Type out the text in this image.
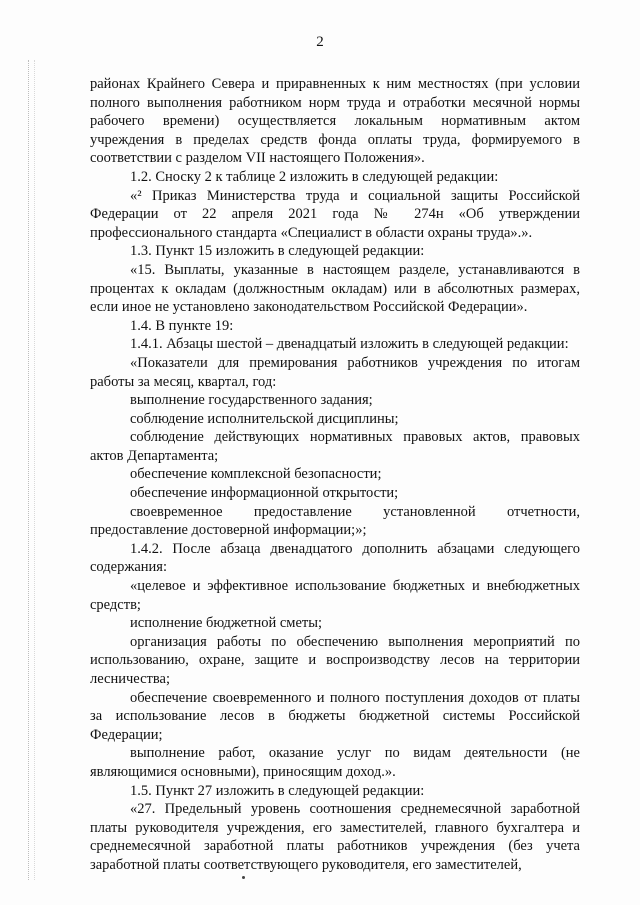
2

районах Крайнего Севера и приравненных к ним местностях (при условии полного выполнения работником норм труда и отработки месячной нормы рабочего времени) осуществляется локальным нормативным актом учреждения в пределах средств фонда оплаты труда, формируемого в соответствии с разделом VII настоящего Положения».

1.2. Сноску 2 к таблице 2 изложить в следующей редакции:

«² Приказ Министерства труда и социальной защиты Российской Федерации от 22 апреля 2021 года № 274н «Об утверждении профессионального стандарта «Специалист в области охраны труда».».

1.3. Пункт 15 изложить в следующей редакции:

«15. Выплаты, указанные в настоящем разделе, устанавливаются в процентах к окладам (должностным окладам) или в абсолютных размерах, если иное не установлено законодательством Российской Федерации».

1.4. В пункте 19:

1.4.1. Абзацы шестой – двенадцатый изложить в следующей редакции:

«Показатели для премирования работников учреждения по итогам работы за месяц, квартал, год:

выполнение государственного задания;

соблюдение исполнительской дисциплины;

соблюдение действующих нормативных правовых актов, правовых актов Департамента;

обеспечение комплексной безопасности;

обеспечение информационной открытости;

своевременное предоставление установленной отчетности, предоставление достоверной информации;»;

1.4.2. После абзаца двенадцатого дополнить абзацами следующего содержания:

«целевое и эффективное использование бюджетных и внебюджетных средств;

исполнение бюджетной сметы;

организация работы по обеспечению выполнения мероприятий по использованию, охране, защите и воспроизводству лесов на территории лесничества;

обеспечение своевременного и полного поступления доходов от платы за использование лесов в бюджеты бюджетной системы Российской Федерации;

выполнение работ, оказание услуг по видам деятельности (не являющимися основными), приносящим доход.».

1.5. Пункт 27 изложить в следующей редакции:

«27. Предельный уровень соотношения среднемесячной заработной платы руководителя учреждения, его заместителей, главного бухгалтера и среднемесячной заработной платы работников учреждения (без учета заработной платы соответствующего руководителя, его заместителей,
